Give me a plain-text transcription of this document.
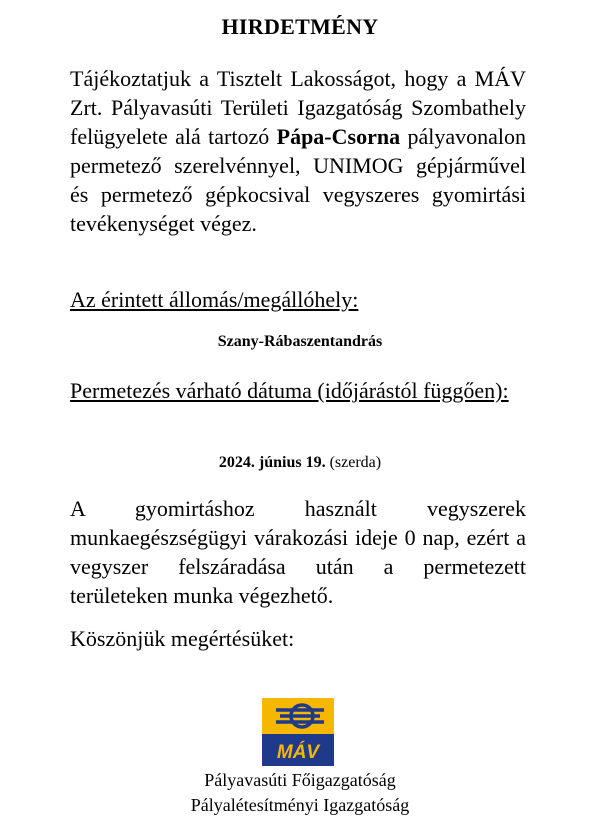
HIRDETMÉNY
Tájékoztatjuk a Tisztelt Lakosságot, hogy a MÁV Zrt. Pályavasúti Területi Igazgatóság Szombathely felügyelete alá tartozó Pápa-Csorna pályavonalon permetező szerelvénnyel, UNIMOG gépjárművel és permetező gépkocsival vegyszeres gyomirtási tevékenységet végez.
Az érintett állomás/megállóhely:
Szany-Rábaszentandrás
Permetezés várható dátuma (időjárástól függően):
2024. június 19. (szerda)
A gyomirtáshoz használt vegyszerek munkaegészségügyi várakozási ideje 0 nap, ezért a vegyszer felszáradása után a permetezett területeken munka végezhető.
Köszönjük megértésüket:
MÁV
Pályavasúti Főigazgatóság
Pályalétesítményi Igazgatóság
